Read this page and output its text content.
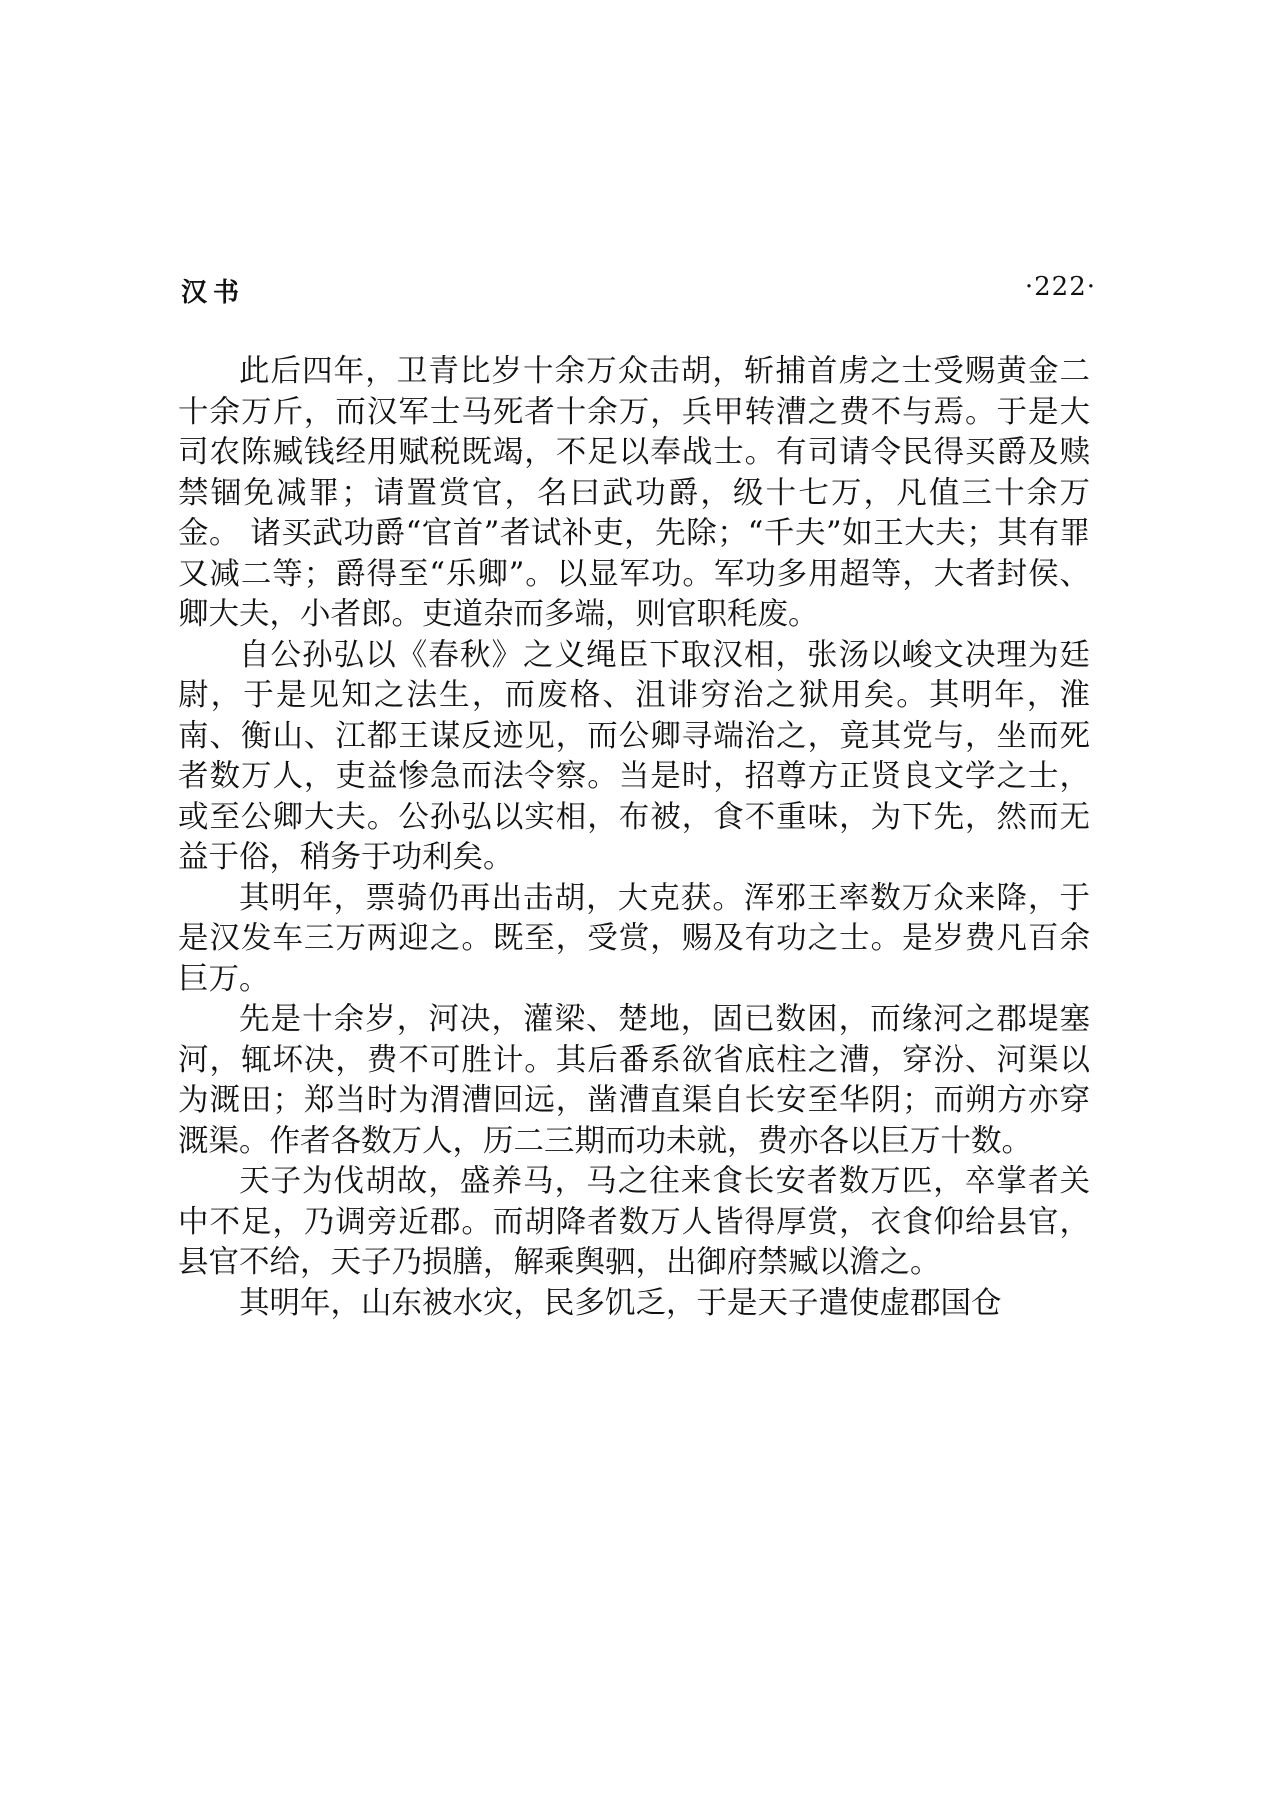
汉书	·222·

此后四年，卫青比岁十余万众击胡，斩捕首虏之士受赐黄金二十余万斤，而汉军士马死者十余万，兵甲转漕之费不与焉。于是大司农陈臧钱经用赋税既竭，不足以奉战士。有司请令民得买爵及赎禁锢免减罪；请置赏官，名曰武功爵，级十七万，凡值三十余万金。 诸买武功爵“官首”者试补吏，先除；“千夫”如王大夫；其有罪又减二等；爵得至“乐卿”。以显军功。军功多用超等，大者封侯、卿大夫，小者郎。吏道杂而多端，则官职秏废。

自公孙弘以《春秋》之义绳臣下取汉相，张汤以峻文决理为廷尉，于是见知之法生，而废格、沮诽穷治之狱用矣。其明年，淮南、衡山、江都王谋反迹见，而公卿寻端治之，竟其党与，坐而死者数万人，吏益惨急而法令察。当是时，招尊方正贤良文学之士，或至公卿大夫。公孙弘以实相，布被，食不重味，为下先，然而无益于俗，稍务于功利矣。

其明年，票骑仍再出击胡，大克获。浑邪王率数万众来降，于是汉发车三万两迎之。既至，受赏，赐及有功之士。是岁费凡百余巨万。

先是十余岁，河决，灌梁、楚地，固已数困，而缘河之郡堤塞河，辄坏决，费不可胜计。其后番系欲省底柱之漕，穿汾、河渠以为溉田；郑当时为渭漕回远，凿漕直渠自长安至华阴；而朔方亦穿溉渠。作者各数万人，历二三期而功未就，费亦各以巨万十数。

天子为伐胡故，盛养马，马之往来食长安者数万匹，卒掌者关中不足，乃调旁近郡。而胡降者数万人皆得厚赏，衣食仰给县官，县官不给，天子乃损膳，解乘舆驷，出御府禁臧以澹之。

其明年，山东被水灾，民多饥乏，于是天子遣使虚郡国仓
